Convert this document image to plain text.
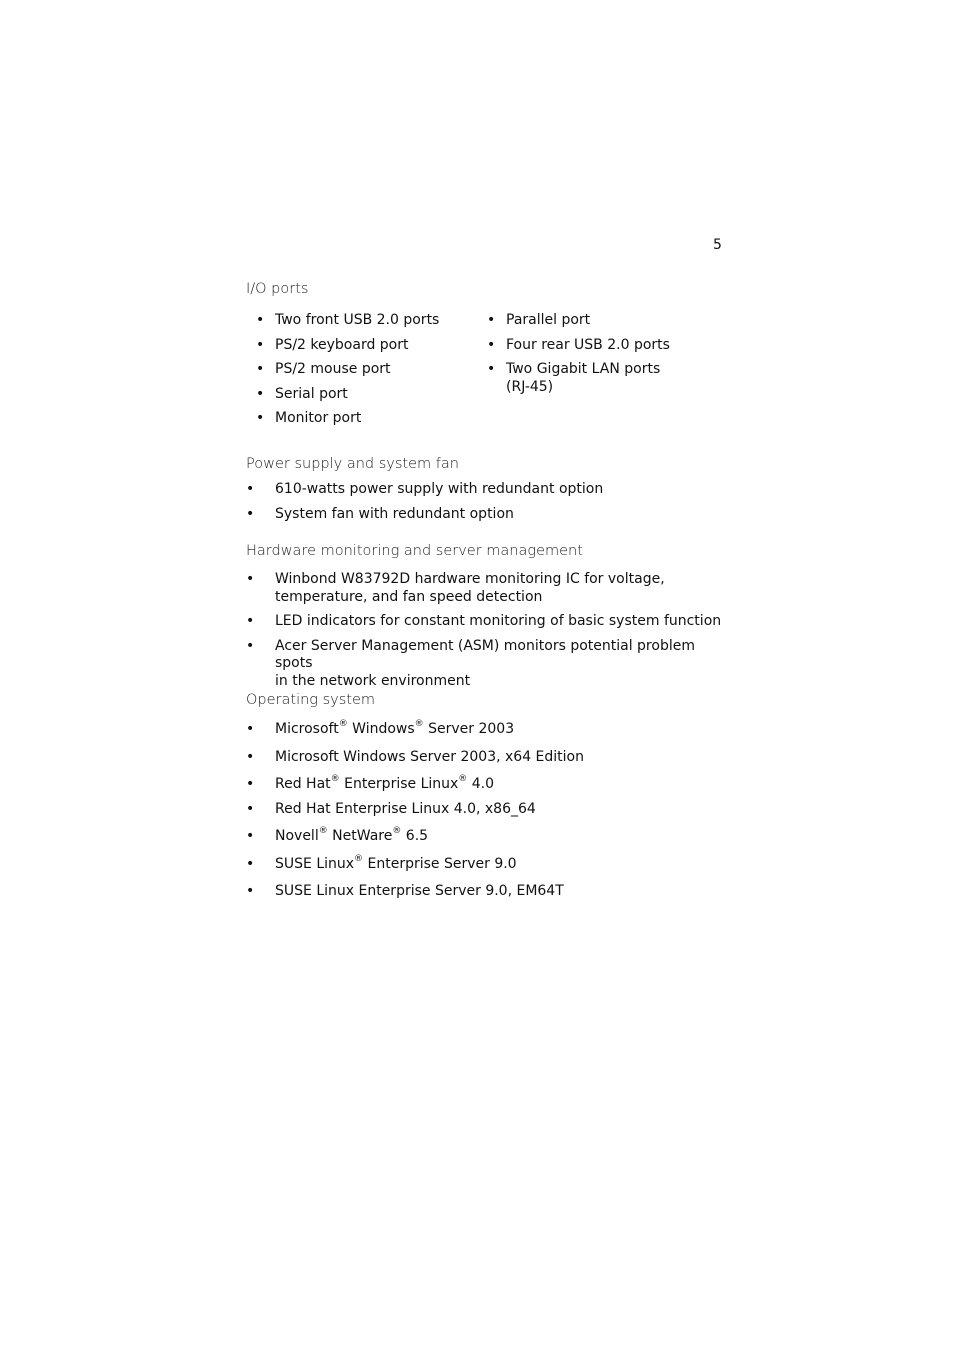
5
I/O ports
• Two front USB 2.0 ports
• PS/2 keyboard port
• PS/2 mouse port
• Serial port
• Monitor port
• Parallel port
• Four rear USB 2.0 ports
• Two Gigabit LAN ports
(RJ-45)
Power supply and system fan
• 610-watts power supply with redundant option
• System fan with redundant option
Hardware monitoring and server management
• Winbond W83792D hardware monitoring IC for voltage,
temperature, and fan speed detection
• LED indicators for constant monitoring of basic system function
• Acer Server Management (ASM) monitors potential problem spots
in the network environment
Operating system
• Microsoft® Windows® Server 2003
• Microsoft Windows Server 2003, x64 Edition
• Red Hat® Enterprise Linux® 4.0
• Red Hat Enterprise Linux 4.0, x86_64
• Novell® NetWare® 6.5
• SUSE Linux® Enterprise Server 9.0
• SUSE Linux Enterprise Server 9.0, EM64T
